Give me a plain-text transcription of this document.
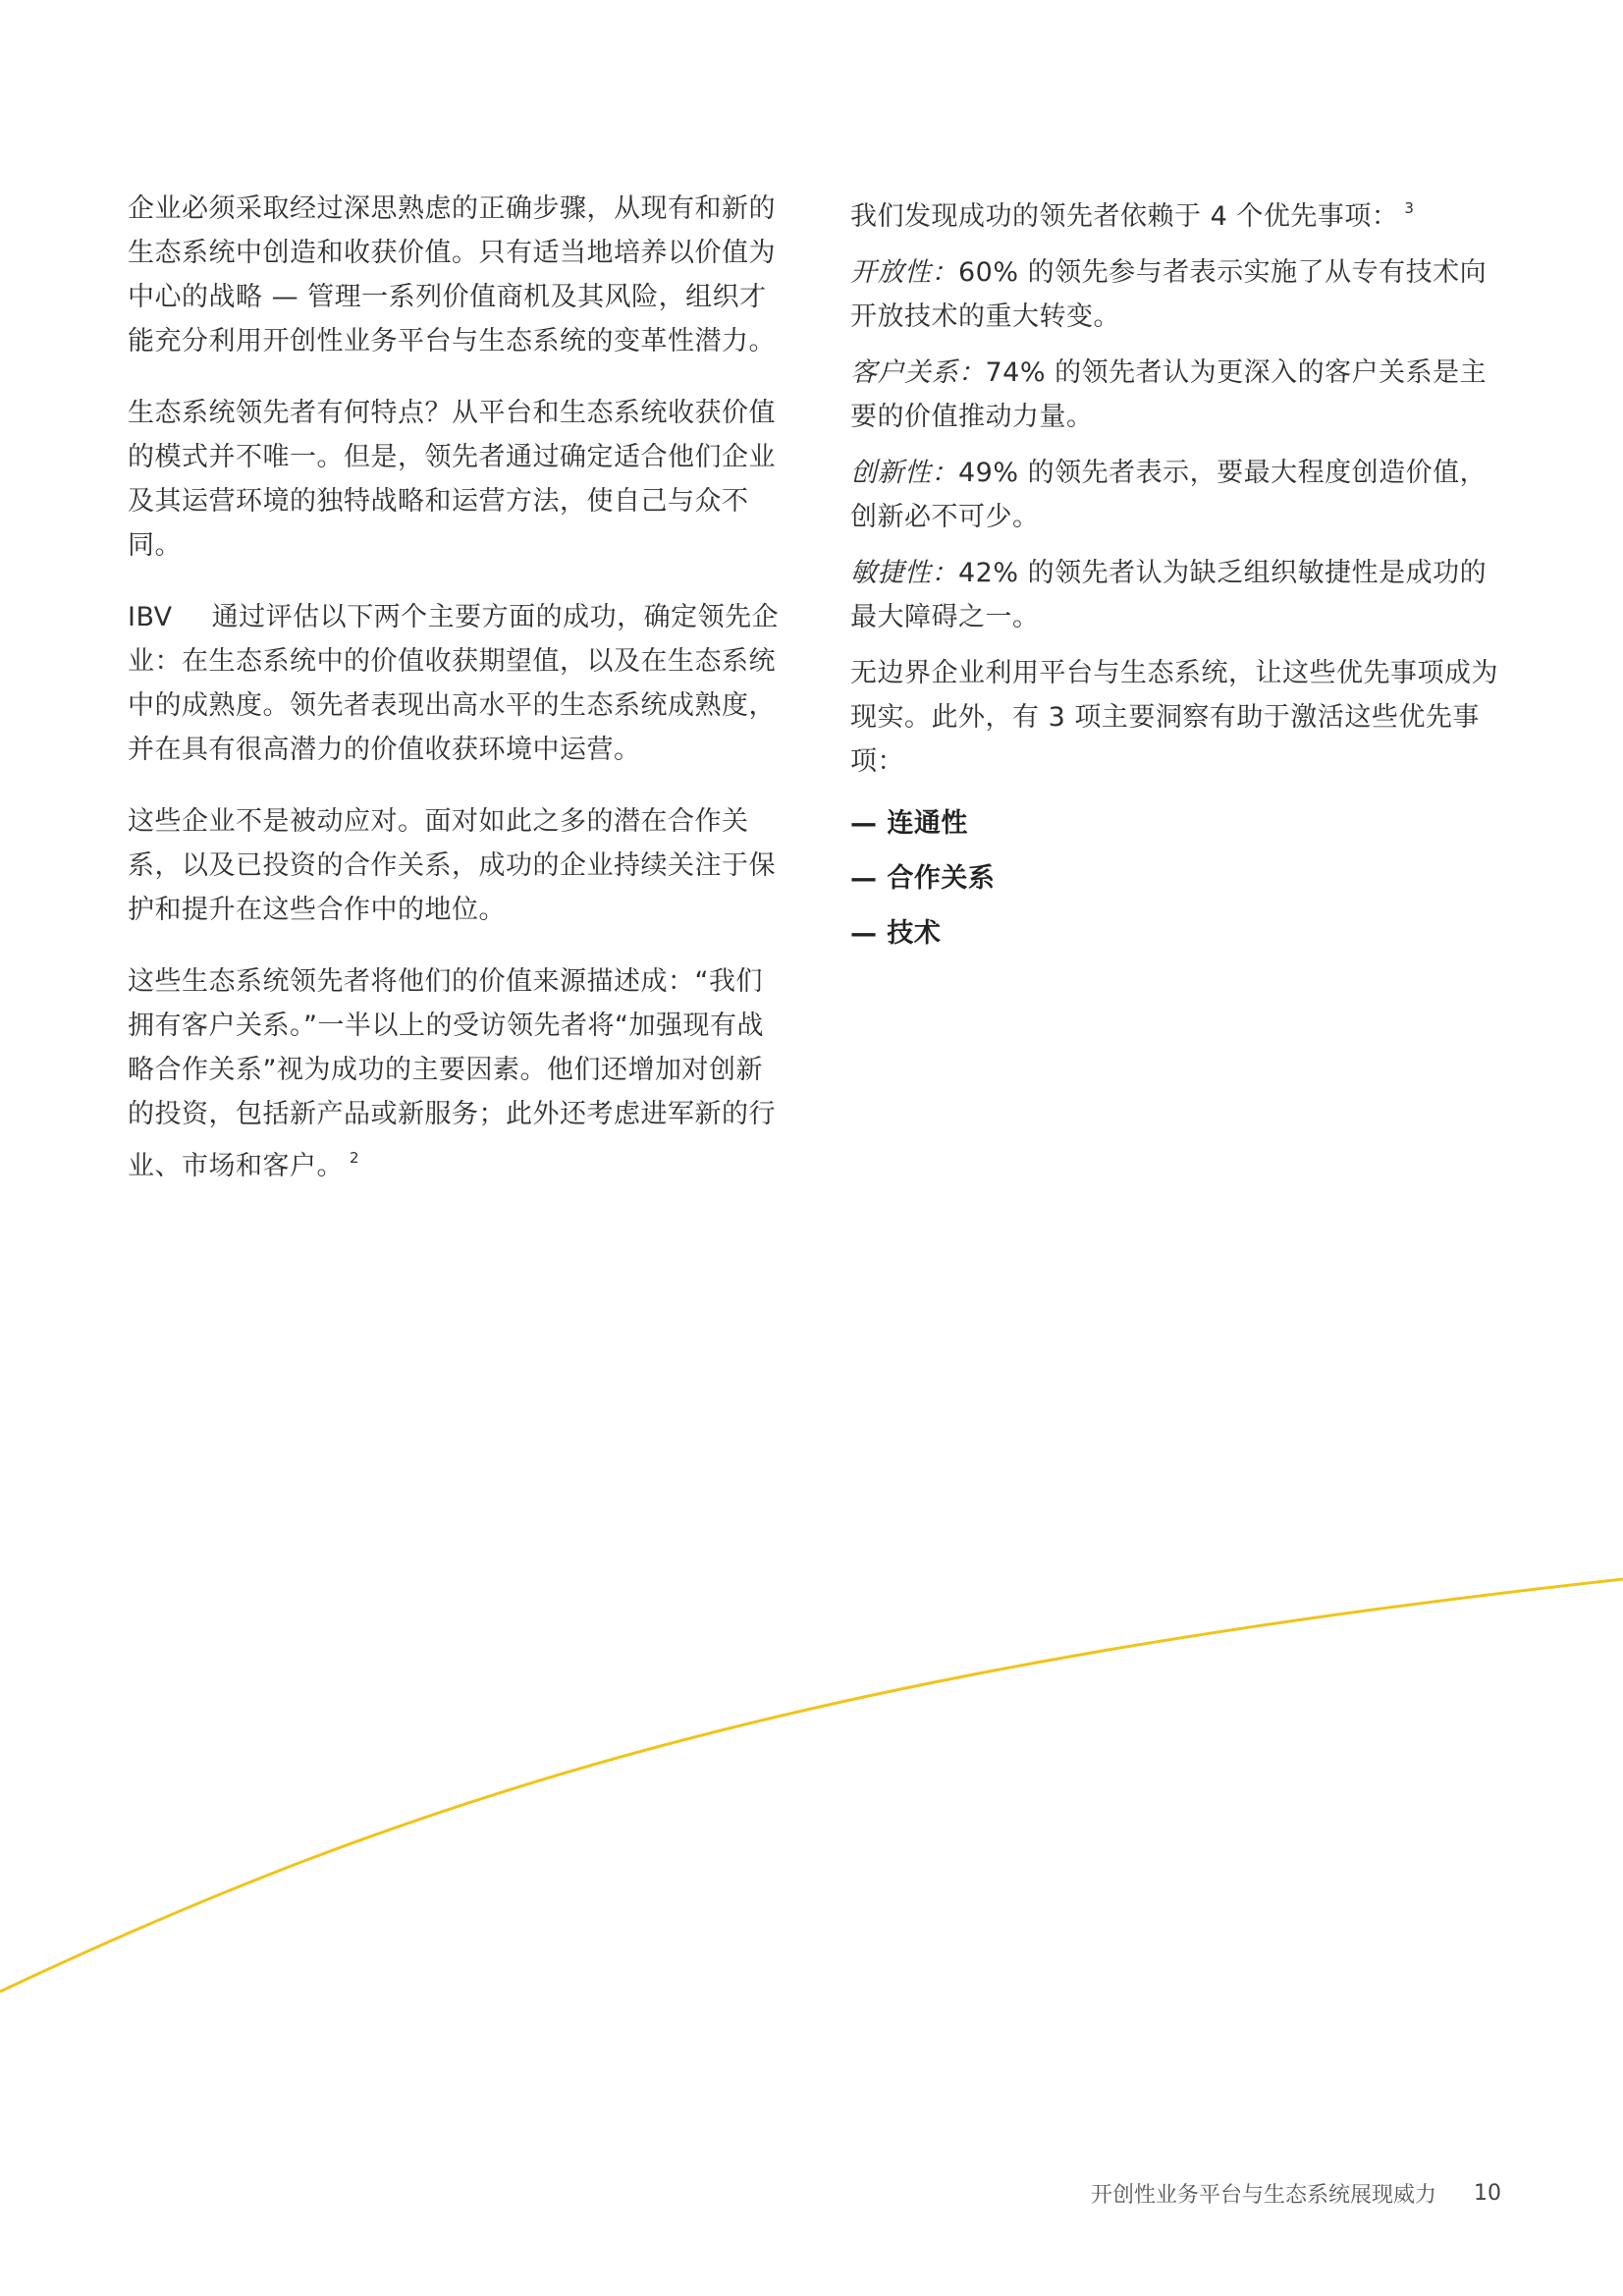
企业必须采取经过深思熟虑的正确步骤，从现有和新的生态系统中创造和收获价值。只有适当地培养以价值为中心的战略 — 管理一系列价值商机及其风险，组织才能充分利用开创性业务平台与生态系统的变革性潜力。

生态系统领先者有何特点？从平台和生态系统收获价值的模式并不唯一。但是，领先者通过确定适合他们企业及其运营环境的独特战略和运营方法，使自己与众不同。

IBV 通过评估以下两个主要方面的成功，确定领先企业：在生态系统中的价值收获期望值，以及在生态系统中的成熟度。领先者表现出高水平的生态系统成熟度，并在具有很高潜力的价值收获环境中运营。

这些企业不是被动应对。面对如此之多的潜在合作关系，以及已投资的合作关系，成功的企业持续关注于保护和提升在这些合作中的地位。

这些生态系统领先者将他们的价值来源描述成：“我们拥有客户关系。”一半以上的受访领先者将“加强现有战略合作关系”视为成功的主要因素。他们还增加对创新的投资，包括新产品或新服务；此外还考虑进军新的行业、市场和客户。 $^2$

我们发现成功的领先者依赖于 4 个优先事项： $^3$

开放性：60% 的领先参与者表示实施了从专有技术向开放技术的重大转变。

客户关系：74% 的领先者认为更深入的客户关系是主要的价值推动力量。

创新性：49% 的领先者表示，要最大程度创造价值，创新必不可少。

敏捷性：42% 的领先者认为缺乏组织敏捷性是成功的最大障碍之一。

无边界企业利用平台与生态系统，让这些优先事项成为现实。此外，有 3 项主要洞察有助于激活这些优先事项：

— 连通性
— 合作关系
— 技术
开创性业务平台与生态系统展现威力 10
